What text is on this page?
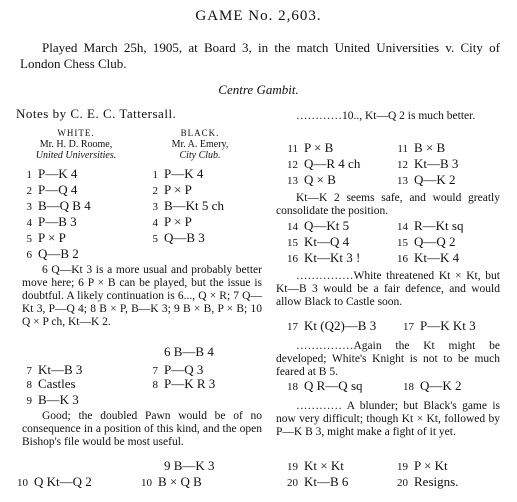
GAME No. 2,603.
Played March 25h, 1905, at Board 3, in the match United Universities v. City of London Chess Club.
Centre Gambit.
Notes by C. E. C. Tattersall.
WHITE.
Mr. H. D. Roome,
United Universities.
BLACK.
Mr. A. Emery,
City Club.
1 P—K 4	1 P—K 4
2 P—Q 4	2 P × P
3 B—Q B 4	3 B—Kt 5 ch
4 P—B 3	4 P × P
5 P × P	5 Q—B 3
6 Q—B 2
6 Q—Kt 3 is a more usual and probably better move here; 6 P × B can be played, but the issue is doubtful. A likely continuation is 6..., Q × R; 7 Q—Kt 3, P—Q 4; 8 B × P, B—K 3; 9 B × B, P × B; 10 Q × P ch, Kt—K 2.
6 B—B 4
7 Kt—B 3	7 P—Q 3
8 Castles	8 P—K R 3
9 B—K 3
Good; the doubled Pawn would be of no consequence in a position of this kind, and the open Bishop's file would be most useful.
9 B—K 3
10 Q Kt—Q 2	10 B × Q B
…………10.., Kt—Q 2 is much better.
11 P × B	11 B × B
12 Q—R 4 ch	12 Kt—B 3
13 Q × B	13 Q—K 2
Kt—K 2 seems safe, and would greatly consolidate the position.
14 Q—Kt 5	14 R—Kt sq
15 Kt—Q 4	15 Q—Q 2
16 Kt—Kt 3 !	16 Kt—K 4
……………White threatened Kt × Kt, but Kt—B 3 would be a fair defence, and would allow Black to Castle soon.
17 Kt (Q2)—B 3	17 P—K Kt 3
……………Again the Kt might be developed; White's Knight is not to be much feared at B 5.
18 Q R—Q sq	18 Q—K 2
………… A blunder; but Black's game is now very difficult; though Kt × Kt, followed by P—K B 3, might make a fight of it yet.
19 Kt × Kt	19 P × Kt
20 Kt—B 6	20 Resigns.
